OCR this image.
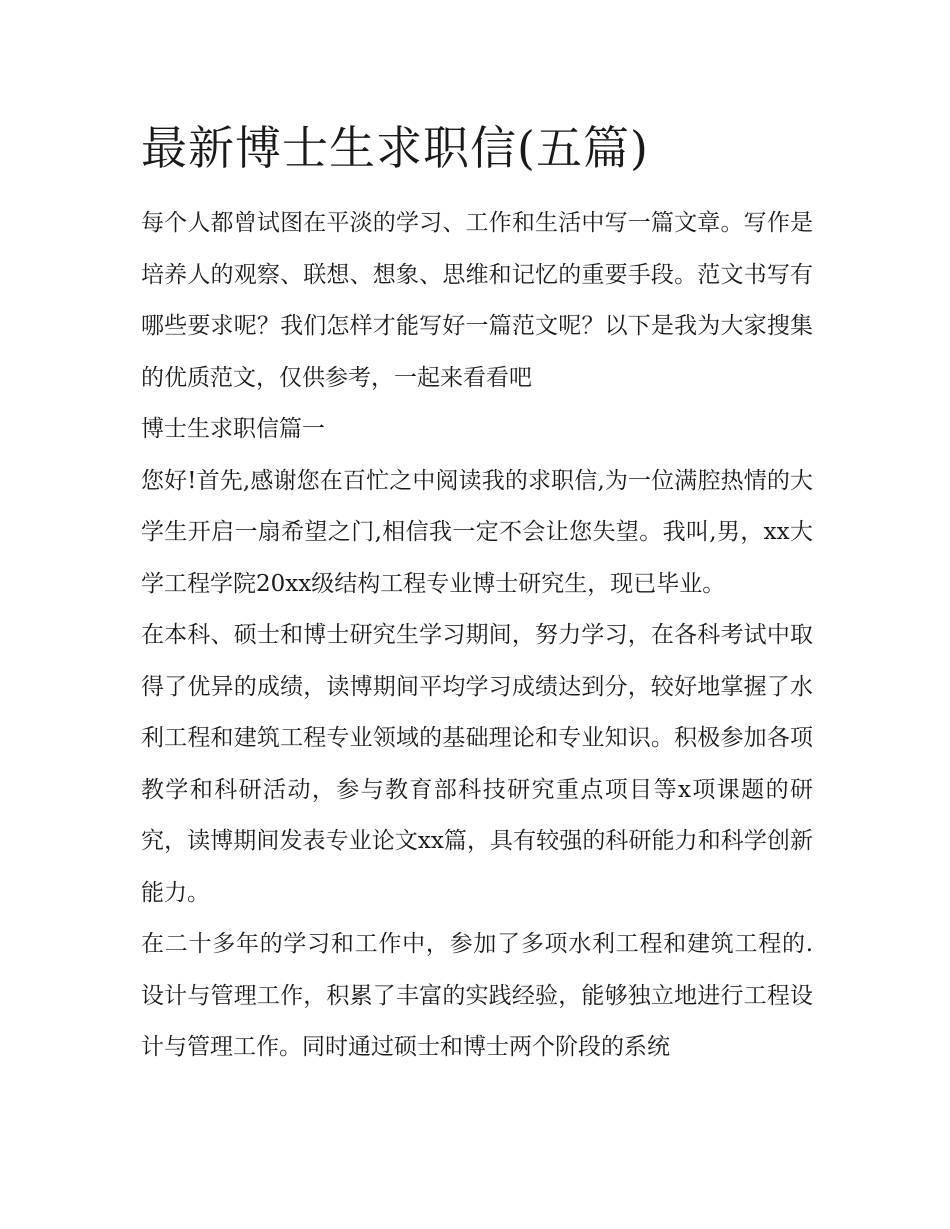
最新博士生求职信(五篇)

每个人都曾试图在平淡的学习、工作和生活中写一篇文章。写作是培养人的观察、联想、想象、思维和记忆的重要手段。范文书写有哪些要求呢？我们怎样才能写好一篇范文呢？以下是我为大家搜集的优质范文，仅供参考，一起来看看吧

博士生求职信篇一

您好!首先,感谢您在百忙之中阅读我的求职信,为一位满腔热情的大学生开启一扇希望之门,相信我一定不会让您失望。我叫,男，xx大学工程学院20xx级结构工程专业博士研究生，现已毕业。

在本科、硕士和博士研究生学习期间，努力学习，在各科考试中取得了优异的成绩，读博期间平均学习成绩达到分，较好地掌握了水利工程和建筑工程专业领域的基础理论和专业知识。积极参加各项教学和科研活动，参与教育部科技研究重点项目等x项课题的研究，读博期间发表专业论文xx篇，具有较强的科研能力和科学创新能力。

在二十多年的学习和工作中，参加了多项水利工程和建筑工程的.设计与管理工作，积累了丰富的实践经验，能够独立地进行工程设计与管理工作。同时通过硕士和博士两个阶段的系统
